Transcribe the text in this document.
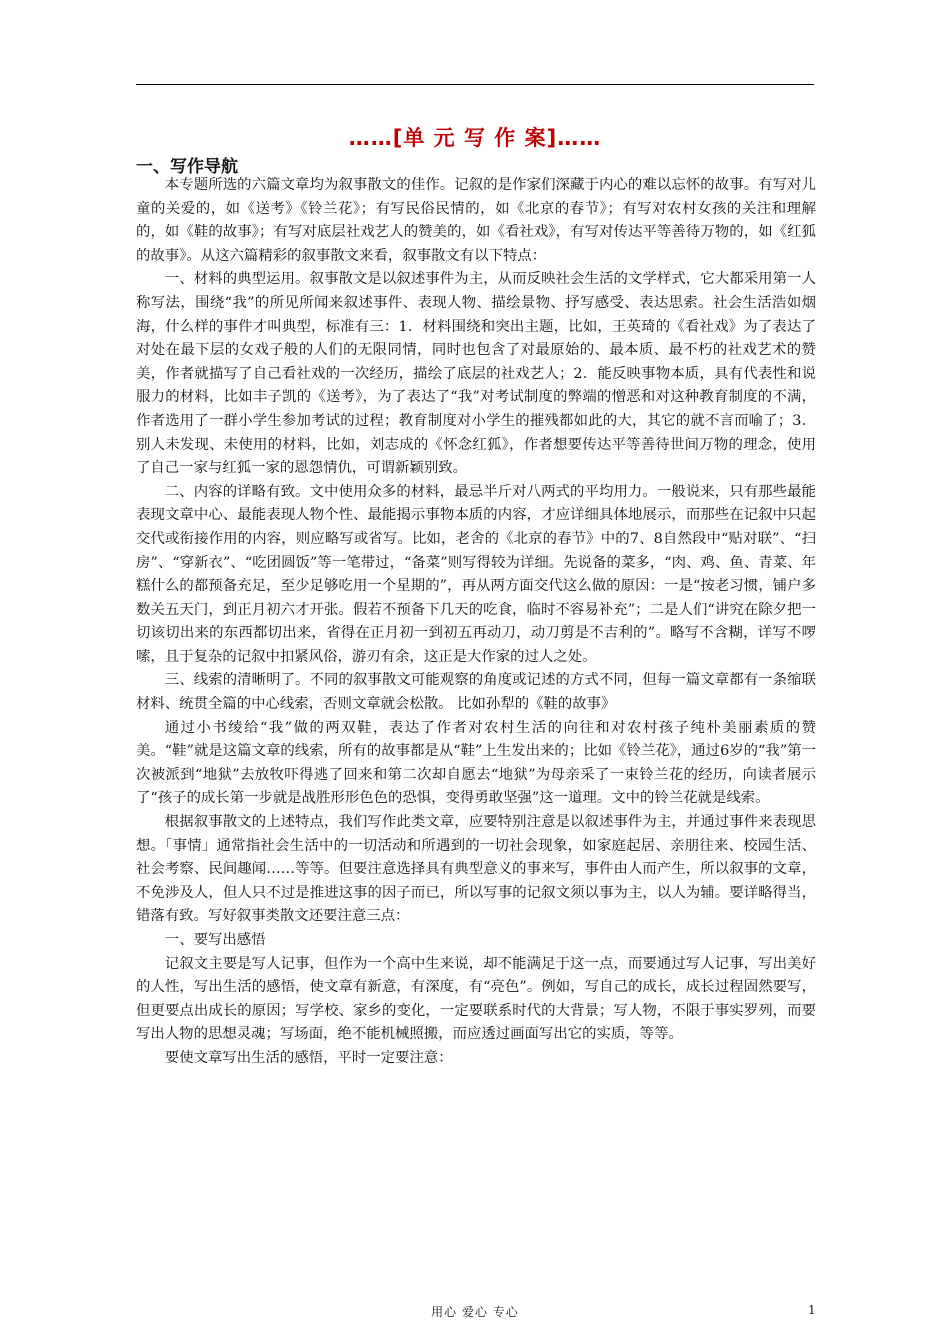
……[单 元 写 作 案]……
一、写作导航

本专题所选的六篇文章均为叙事散文的佳作。记叙的是作家们深藏于内心的难以忘怀的故事。有写对儿童的关爱的，如《送考》《铃兰花》；有写民俗民情的，如《北京的春节》；有写对农村女孩的关注和理解的，如《鞋的故事》；有写对底层社戏艺人的赞美的，如《看社戏》，有写对传达平等善待万物的，如《红狐的故事》。从这六篇精彩的叙事散文来看，叙事散文有以下特点：

一、材料的典型运用。叙事散文是以叙述事件为主，从而反映社会生活的文学样式，它大都采用第一人称写法，围绕“我”的所见所闻来叙述事件、表现人物、描绘景物、抒写感受、表达思索。社会生活浩如烟海，什么样的事件才叫典型，标准有三：1．材料围绕和突出主题，比如，王英琦的《看社戏》为了表达了对处在最下层的女戏子般的人们的无限同情，同时也包含了对最原始的、最本质、最不朽的社戏艺术的赞美，作者就描写了自己看社戏的一次经历，描绘了底层的社戏艺人；2．能反映事物本质，具有代表性和说服力的材料，比如丰子凯的《送考》，为了表达了“我”对考试制度的弊端的憎恶和对这种教育制度的不满，作者选用了一群小学生参加考试的过程；教育制度对小学生的摧残都如此的大，其它的就不言而喻了；3．别人未发现、未使用的材料，比如，刘志成的《怀念红狐》，作者想要传达平等善待世间万物的理念，使用了自己一家与红狐一家的恩怨情仇，可谓新颖别致。

二、内容的详略有致。文中使用众多的材料，最忌半斤对八两式的平均用力。一般说来，只有那些最能表现文章中心、最能表现人物个性、最能揭示事物本质的内容，才应详细具体地展示，而那些在记叙中只起交代或衔接作用的内容，则应略写或省写。比如，老舍的《北京的春节》中的7、8自然段中“贴对联”、“扫房”、“穿新衣”、“吃团圆饭”等一笔带过，“备菜”则写得较为详细。先说备的菜多，“肉、鸡、鱼、青菜、年糕什么的都预备充足，至少足够吃用一个星期的”，再从两方面交代这么做的原因：一是“按老习惯，铺户多数关五天门，到正月初六才开张。假若不预备下几天的吃食，临时不容易补充”；二是人们“讲究在除夕把一切该切出来的东西都切出来，省得在正月初一到初五再动刀，动刀剪是不吉利的”。略写不含糊，详写不啰嗦，且于复杂的记叙中扣紧风俗，游刃有余，这正是大作家的过人之处。

三、线索的清晰明了。不同的叙事散文可能观察的角度或记述的方式不同，但每一篇文章都有一条缩联材料、统贯全篇的中心线索，否则文章就会松散。 比如孙犁的《鞋的故事》

通过小书绫给“我”做的两双鞋，表达了作者对农村生活的向往和对农村孩子纯朴美丽素质的赞美。“鞋”就是这篇文章的线索，所有的故事都是从“鞋”上生发出来的；比如《铃兰花》，通过6岁的“我”第一次被派到“地狱”去放牧吓得逃了回来和第二次却自愿去“地狱”为母亲采了一束铃兰花的经历，向读者展示了“孩子的成长第一步就是战胜形形色色的恐惧，变得勇敢坚强”这一道理。文中的铃兰花就是线索。

根据叙事散文的上述特点，我们写作此类文章，应要特别注意是以叙述事件为主，并通过事件来表现思想。「事情」通常指社会生活中的一切活动和所遇到的一切社会现象，如家庭起居、亲朋往来、校园生活、社会考察、民间趣闻……等等。但要注意选择具有典型意义的事来写，事件由人而产生，所以叙事的文章，不免涉及人，但人只不过是推进这事的因子而已，所以写事的记叙文须以事为主，以人为辅。要详略得当，错落有致。写好叙事类散文还要注意三点：

一、要写出感悟

记叙文主要是写人记事，但作为一个高中生来说，却不能满足于这一点，而要通过写人记事，写出美好的人性，写出生活的感悟，使文章有新意，有深度，有“亮色”。例如，写自己的成长，成长过程固然要写，但更要点出成长的原因；写学校、家乡的变化，一定要联系时代的大背景；写人物，不限于事实罗列，而要写出人物的思想灵魂；写场面，绝不能机械照搬，而应透过画面写出它的实质，等等。

要使文章写出生活的感悟，平时一定要注意：

用心 爱心 专心	1
